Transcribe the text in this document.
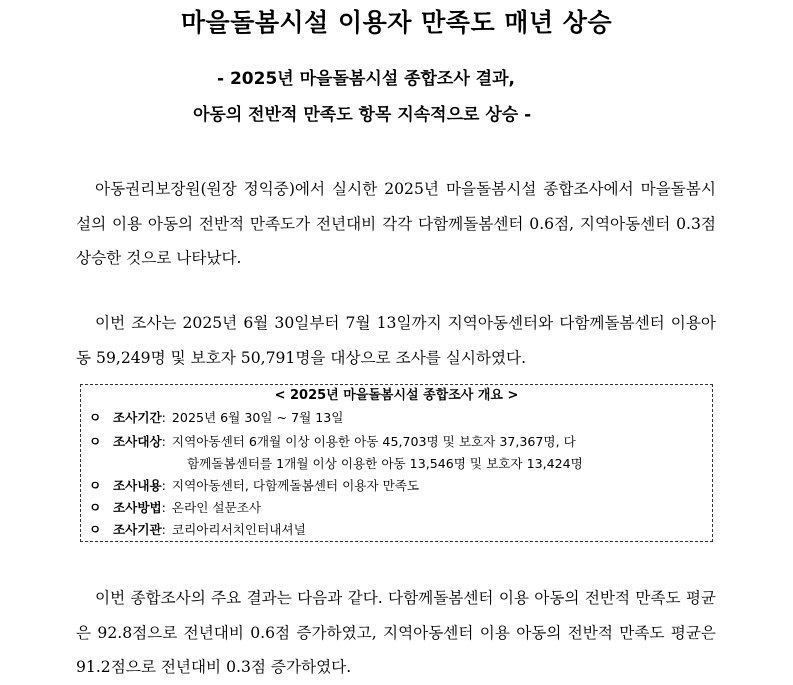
마을돌봄시설 이용자 만족도 매년 상승
- 2025년 마을돌봄시설 종합조사 결과,
아동의 전반적 만족도 항목 지속적으로 상승 -
아동권리보장원(원장 정익중)에서 실시한 2025년 마을돌봄시설 종합조사에서 마을돌봄시설의 이용 아동의 전반적 만족도가 전년대비 각각 다함께돌봄센터 0.6점, 지역아동센터 0.3점 상승한 것으로 나타났다.
이번 조사는 2025년 6월 30일부터 7월 13일까지 지역아동센터와 다함께돌봄센터 이용아동 59,249명 및 보호자 50,791명을 대상으로 조사를 실시하였다.
< 2025년 마을돌봄시설 종합조사 개요 >
ㅇ 조사기간: 2025년 6월 30일 ~ 7월 13일
ㅇ 조사대상: 지역아동센터 6개월 이상 이용한 아동 45,703명 및 보호자 37,367명, 다
함께돌봄센터를 1개월 이상 이용한 아동 13,546명 및 보호자 13,424명
ㅇ 조사내용: 지역아동센터, 다함께돌봄센터 이용자 만족도
ㅇ 조사방법: 온라인 설문조사
ㅇ 조사기관: 코리아리서치인터내셔널
이번 종합조사의 주요 결과는 다음과 같다. 다함께돌봄센터 이용 아동의 전반적 만족도 평균은 92.8점으로 전년대비 0.6점 증가하였고, 지역아동센터 이용 아동의 전반적 만족도 평균은 91.2점으로 전년대비 0.3점 증가하였다.
